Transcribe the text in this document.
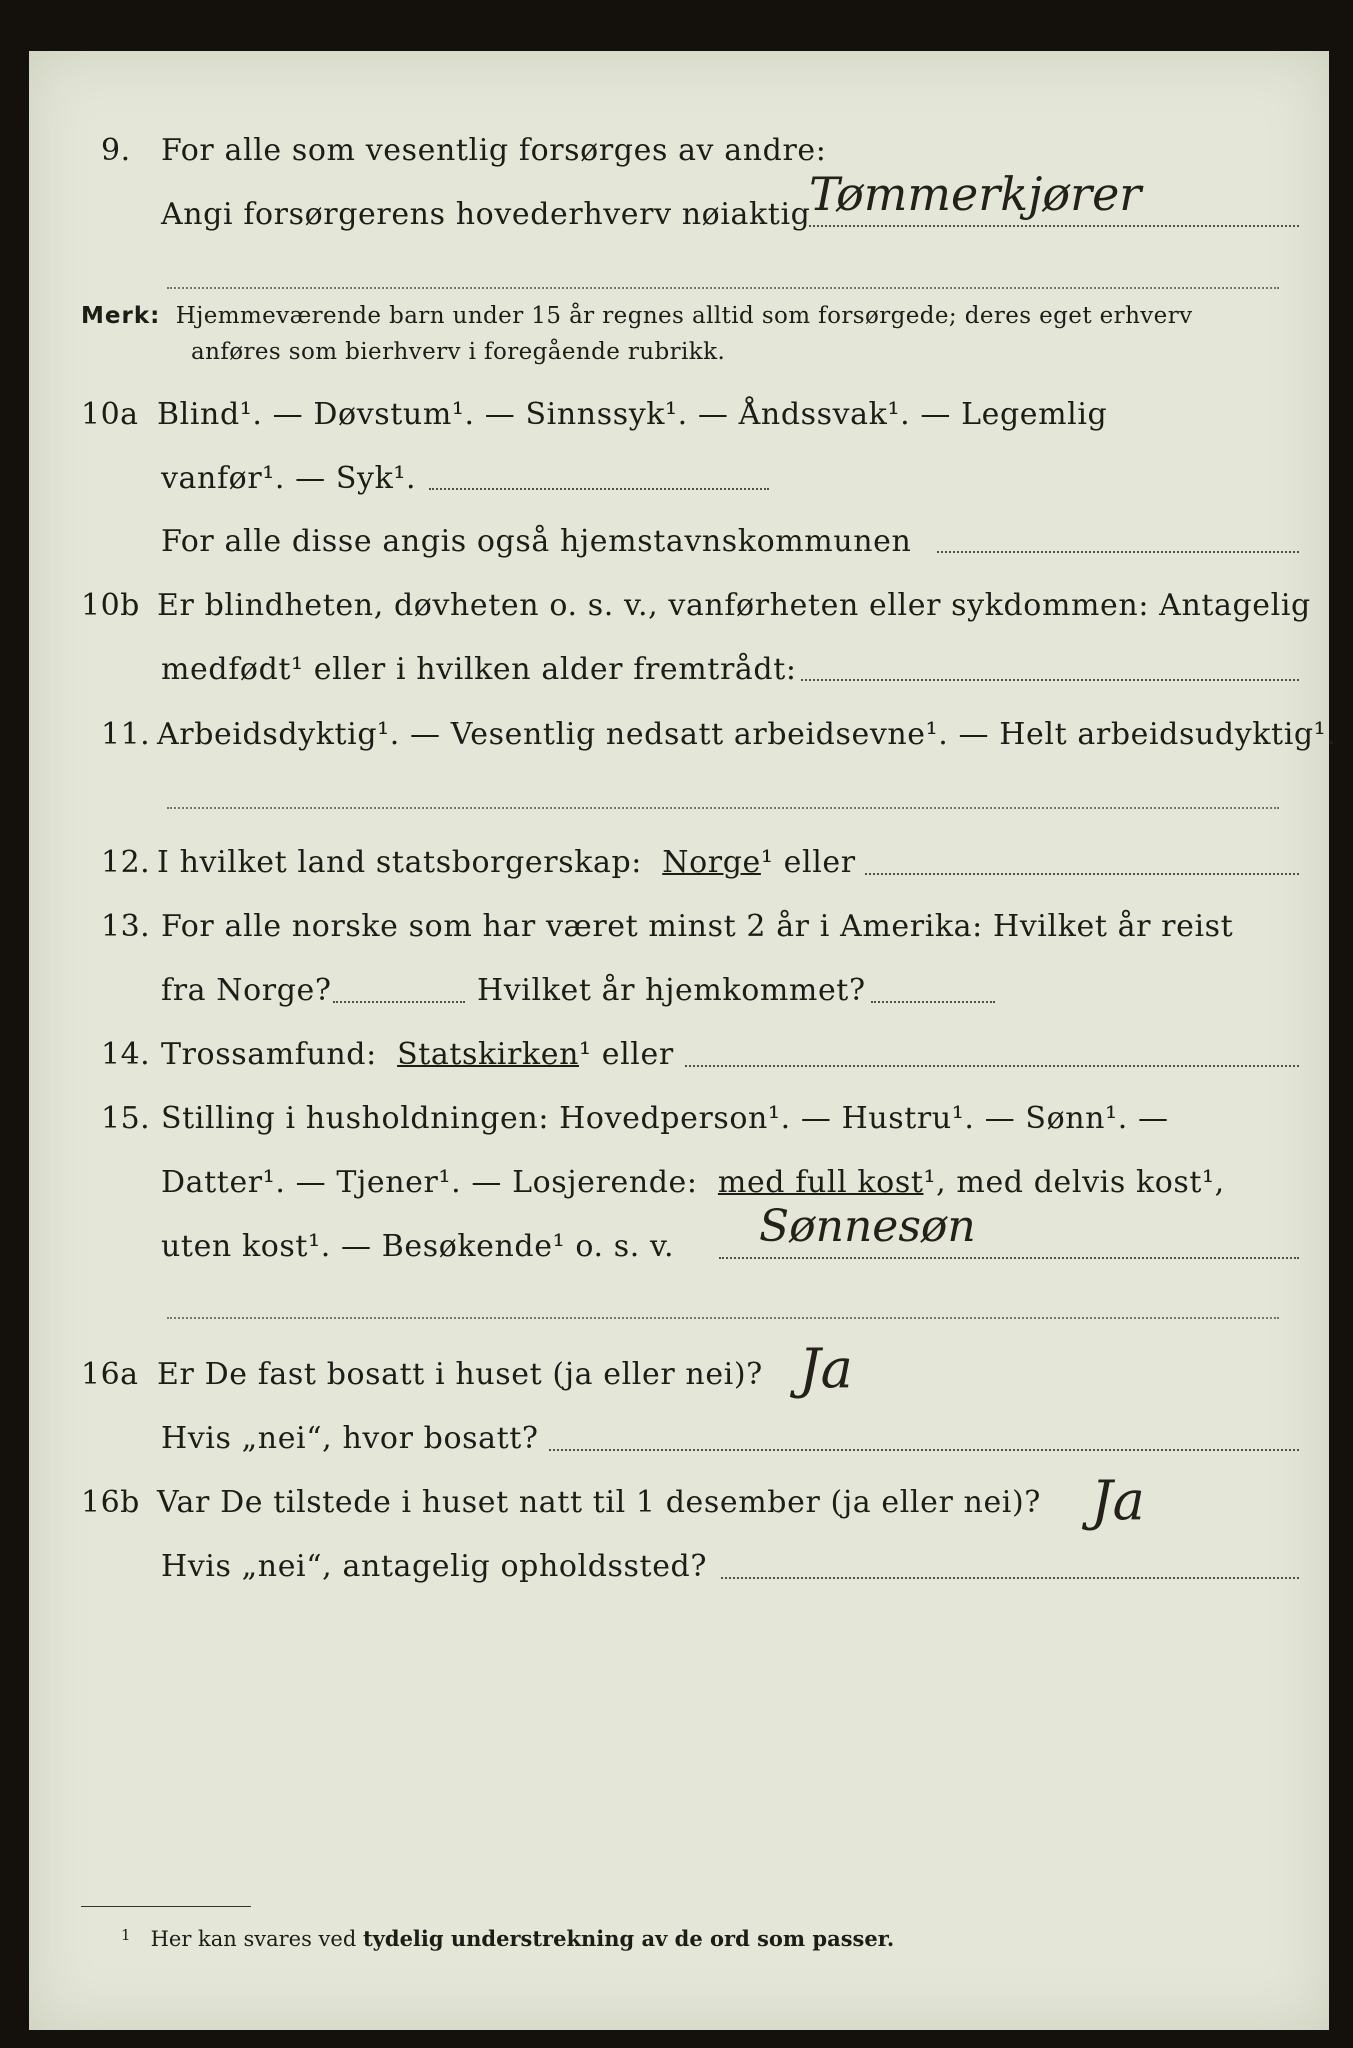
9. For alle som vesentlig forsørges av andre:
Angi forsørgerens hovederhverv nøiaktig
Tømmerkjører
Merk: Hjemmeværende barn under 15 år regnes alltid som forsørgede; deres eget erhverv
anføres som bierhverv i foregående rubrikk.
10a Blind¹. — Døvstum¹. — Sinnssyk¹. — Åndssvak¹. — Legemlig
vanfør¹. — Syk¹.
For alle disse angis også hjemstavnskommunen
10b Er blindheten, døvheten o. s. v., vanførheten eller sykdommen: Antagelig
medfødt¹ eller i hvilken alder fremtrådt:
11. Arbeidsdyktig¹. — Vesentlig nedsatt arbeidsevne¹. — Helt arbeidsudyktig¹.
12. I hvilket land statsborgerskap: Norge¹ eller
13. For alle norske som har været minst 2 år i Amerika: Hvilket år reist
fra Norge?	Hvilket år hjemkommet?
14. Trossamfund: Statskirken¹ eller
15. Stilling i husholdningen: Hovedperson¹. — Hustru¹. — Sønn¹. —
Datter¹. — Tjener¹. — Losjerende: med full kost¹, med delvis kost¹,
uten kost¹. — Besøkende¹ o. s. v. Sønnesøn
16a Er De fast bosatt i huset (ja eller nei)? Ja
Hvis „nei“, hvor bosatt?
16b Var De tilstede i huset natt til 1 desember (ja eller nei)? Ja
Hvis „nei“, antagelig opholdssted?
$^1$ Her kan svares ved tydelig understrekning av de ord som passer.
